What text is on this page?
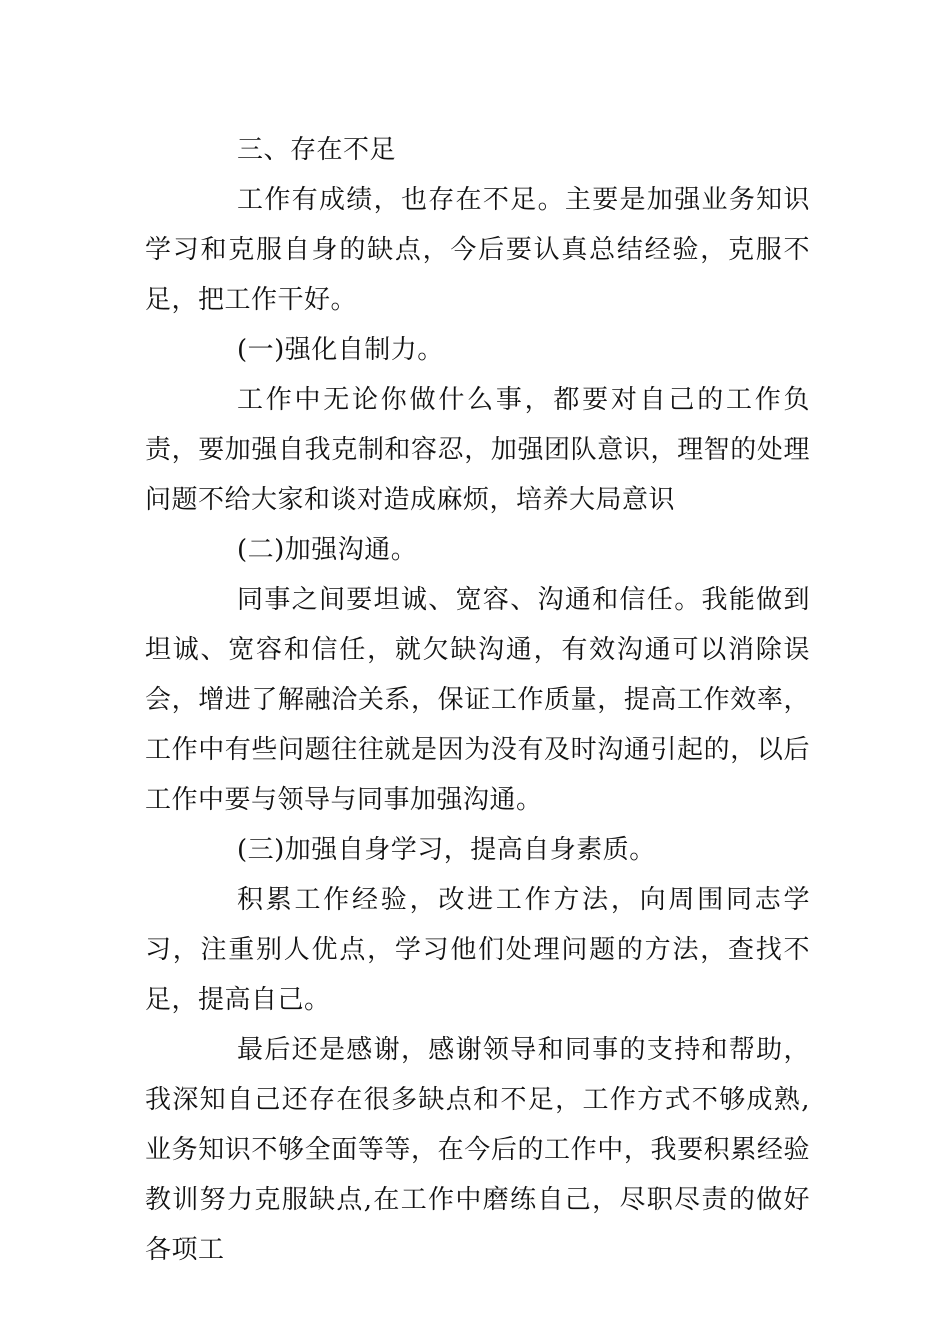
三、存在不足

工作有成绩，也存在不足。主要是加强业务知识学习和克服自身的缺点，今后要认真总结经验，克服不足，把工作干好。

(一)强化自制力。

工作中无论你做什么事，都要对自己的工作负责，要加强自我克制和容忍，加强团队意识，理智的处理问题不给大家和谈对造成麻烦，培养大局意识

(二)加强沟通。

同事之间要坦诚、宽容、沟通和信任。我能做到坦诚、宽容和信任，就欠缺沟通，有效沟通可以消除误会，增进了解融洽关系，保证工作质量，提高工作效率，工作中有些问题往往就是因为没有及时沟通引起的，以后工作中要与领导与同事加强沟通。

(三)加强自身学习，提高自身素质。

积累工作经验，改进工作方法，向周围同志学习，注重别人优点，学习他们处理问题的方法，查找不足，提高自己。

最后还是感谢，感谢领导和同事的支持和帮助，我深知自己还存在很多缺点和不足，工作方式不够成熟,业务知识不够全面等等，在今后的工作中，我要积累经验教训努力克服缺点,在工作中磨练自己，尽职尽责的做好各项工
